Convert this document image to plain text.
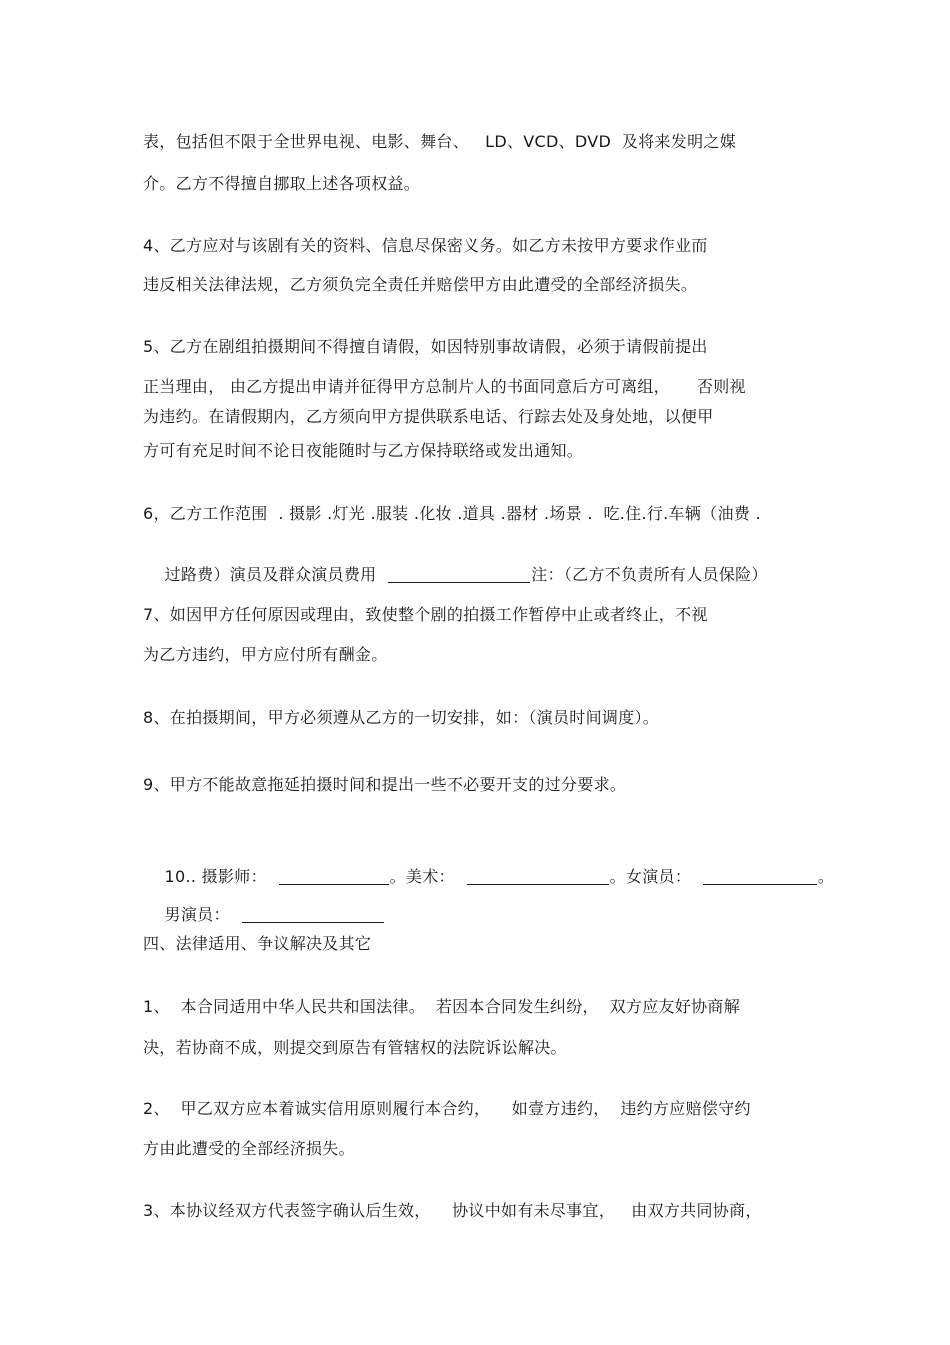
表，包括但不限于全世界电视、电影、舞台、   LD、VCD、DVD  及将来发明之媒
介。乙方不得擅自挪取上述各项权益。
4、乙方应对与该剧有关的资料、信息尽保密义务。如乙方未按甲方要求作业而
违反相关法律法规，乙方须负完全责任并赔偿甲方由此遭受的全部经济损失。
5、乙方在剧组拍摄期间不得擅自请假，如因特别事故请假，必须于请假前提出
正当理由， 由乙方提出申请并征得甲方总制片人的书面同意后方可离组，     否则视
为违约。在请假期内，乙方须向甲方提供联系电话、行踪去处及身处地，以便甲
方可有充足时间不论日夜能随时与乙方保持联络或发出通知。
6，乙方工作范围  . 摄影 .灯光 .服装 .化妆 .道具 .器材 .场景 .  吃.住.行.车辆（油费 .

过路费）演员及群众演员费用	注：（乙方不负责所有人员保险）

7、如因甲方任何原因或理由，致使整个剧的拍摄工作暂停中止或者终止，不视
为乙方违约，甲方应付所有酬金。
8、在拍摄期间，甲方必须遵从乙方的一切安排，如：（演员时间调度）。
9、甲方不能故意拖延拍摄时间和提出一些不必要开支的过分要求。

10.. 摄影师：	。美术：	。女演员：	。

男演员：

四、法律适用、争议解决及其它
1、  本合同适用中华人民共和国法律。  若因本合同发生纠纷，  双方应友好协商解
决，若协商不成，则提交到原告有管辖权的法院诉讼解决。
2、  甲乙双方应本着诚实信用原则履行本合约，    如壹方违约，  违约方应赔偿守约
方由此遭受的全部经济损失。
3、本协议经双方代表签字确认后生效，    协议中如有未尽事宜，   由双方共同协商，
